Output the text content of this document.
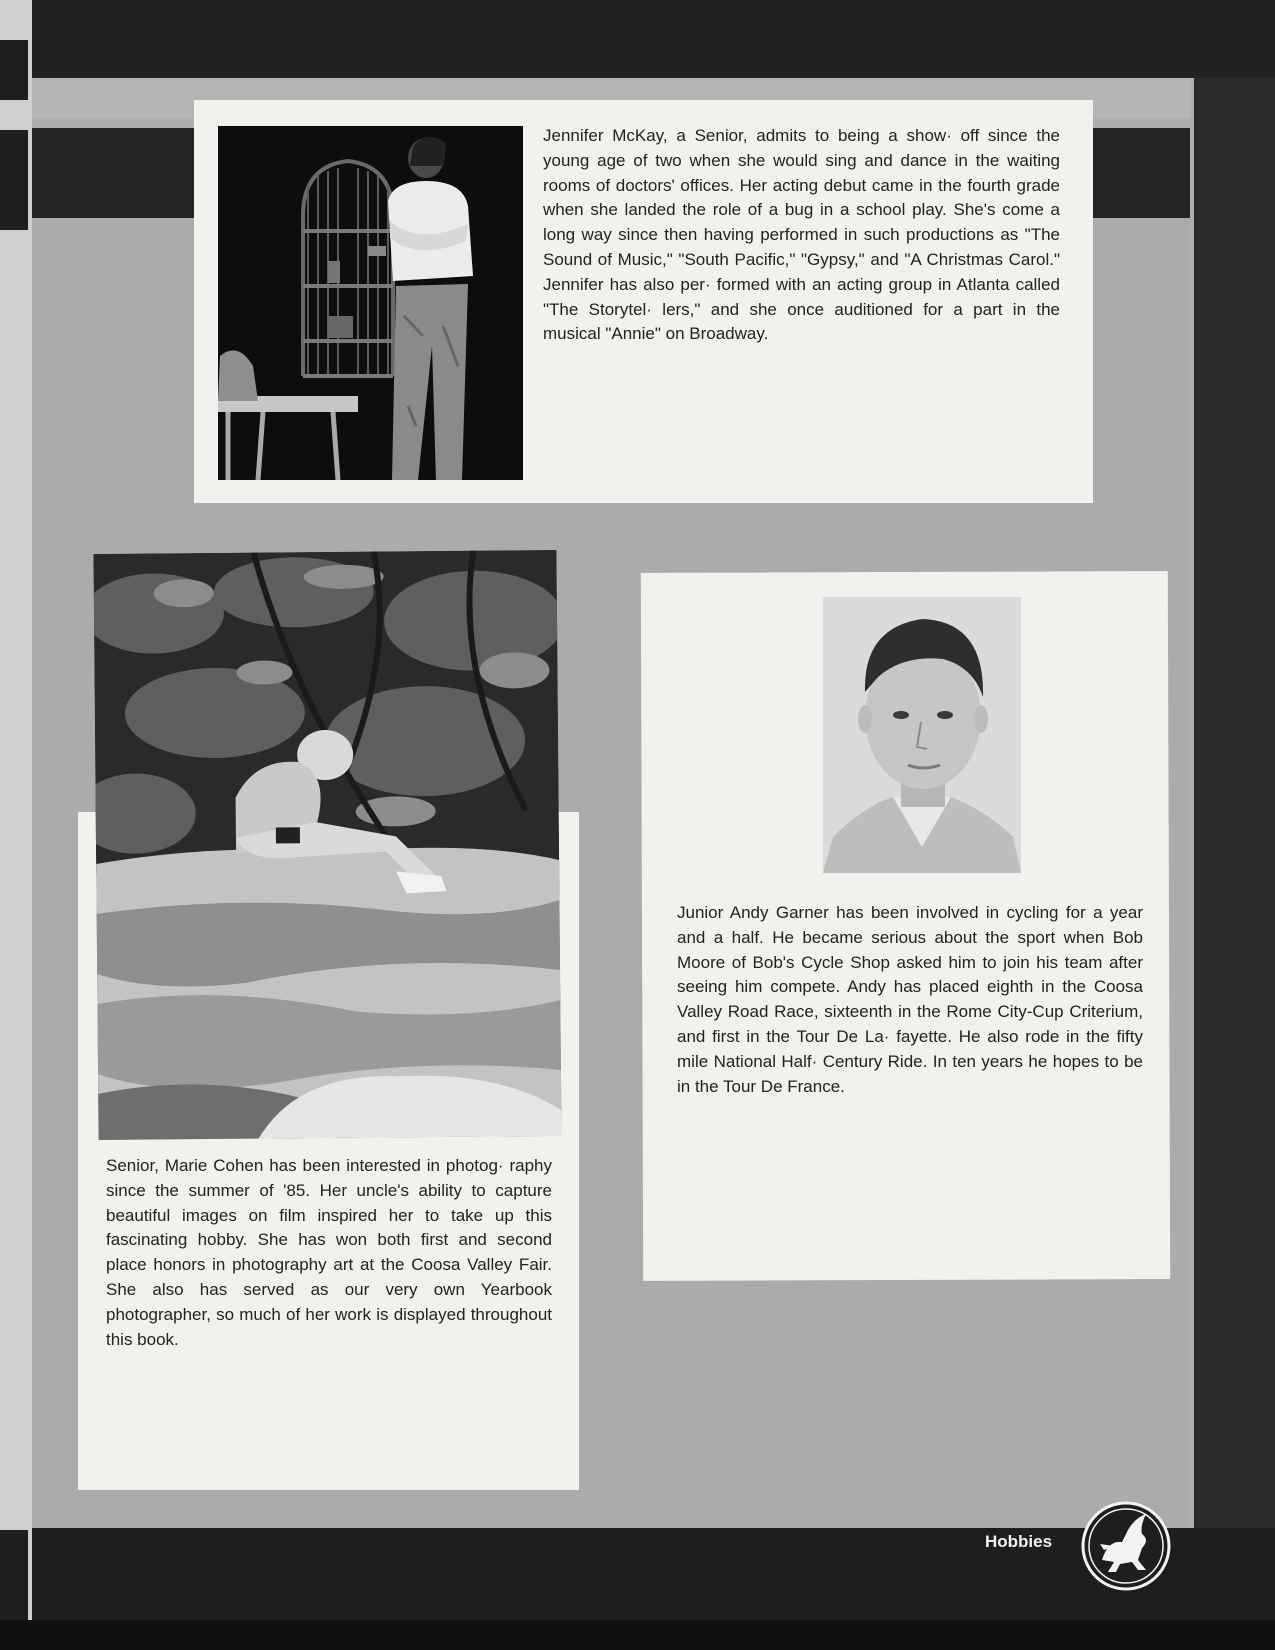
Jennifer McKay, a Senior, admits to being a show· off since the young age of two when she would sing and dance in the waiting rooms of doctors' offices. Her acting debut came in the fourth grade when she landed the role of a bug in a school play. She's come a long way since then having performed in such productions as "The Sound of Music," "South Pacific," "Gypsy," and "A Christmas Carol." Jennifer has also per· formed with an acting group in Atlanta called "The Storytel· lers," and she once auditioned for a part in the musical "Annie" on Broadway.

Senior, Marie Cohen has been interested in photog· raphy since the summer of '85. Her uncle's ability to capture beautiful images on film inspired her to take up this fascinating hobby. She has won both first and second place honors in photography art at the Coosa Valley Fair. She also has served as our very own Yearbook photographer, so much of her work is displayed throughout this book.

Junior Andy Garner has been involved in cycling for a year and a half. He became serious about the sport when Bob Moore of Bob's Cycle Shop asked him to join his team after seeing him compete. Andy has placed eighth in the Coosa Valley Road Race, sixteenth in the Rome City-Cup Criterium, and first in the Tour De La· fayette. He also rode in the fifty mile National Half· Century Ride. In ten years he hopes to be in the Tour De France.

Hobbies
